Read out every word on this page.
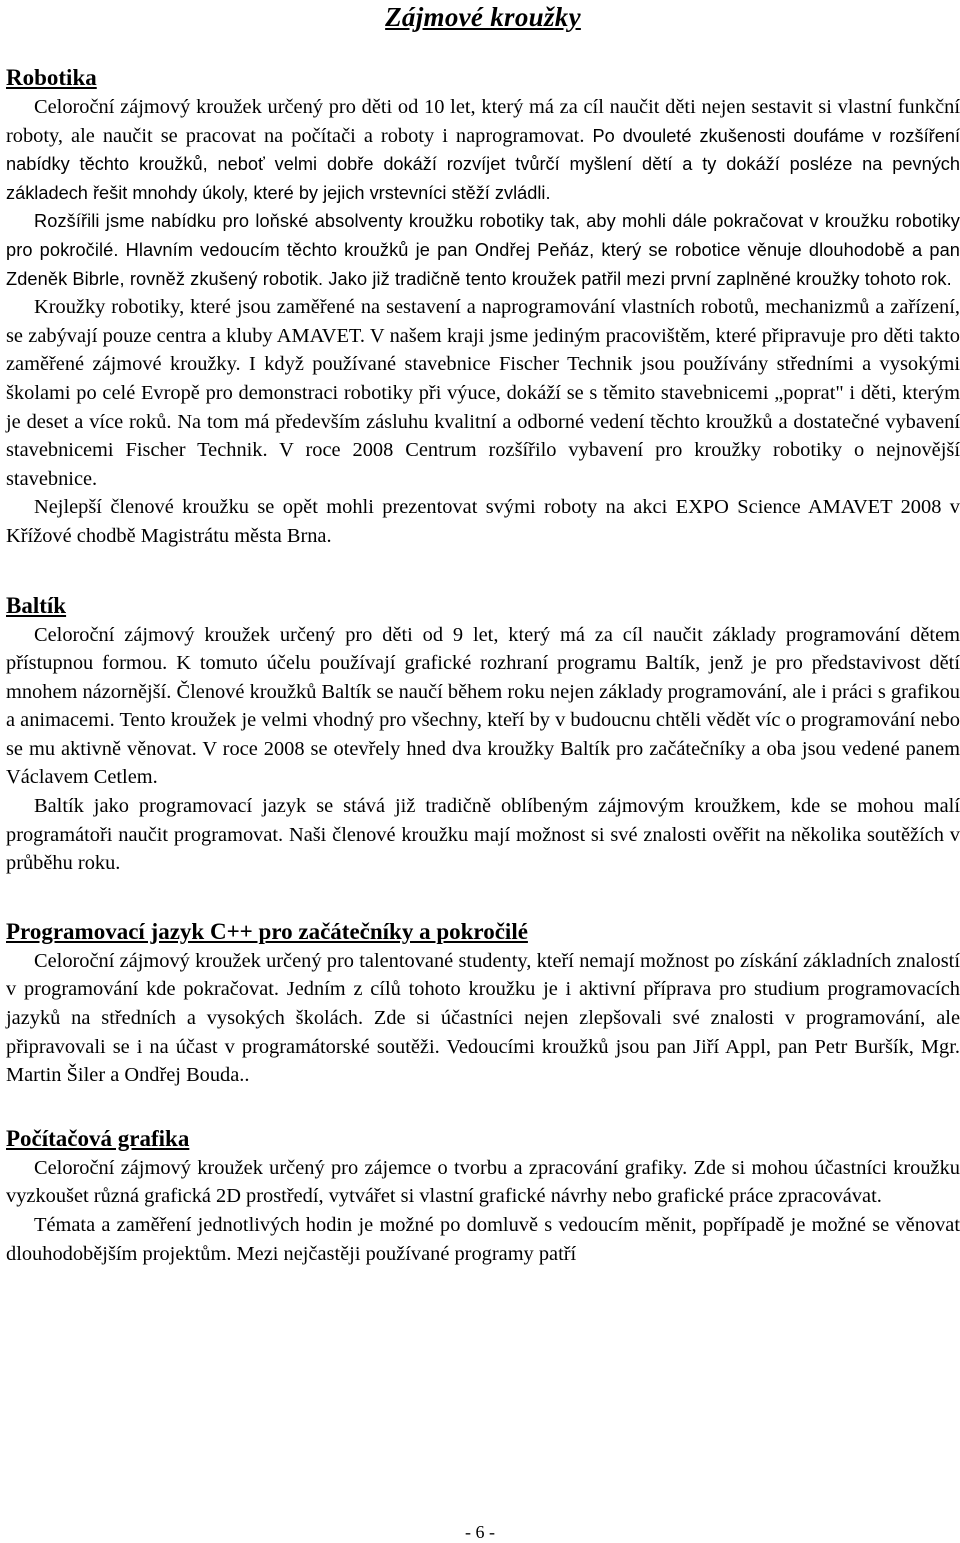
Zájmové kroužky
Robotika

Celoroční zájmový kroužek určený pro děti od 10 let, který má za cíl naučit děti nejen sestavit si vlastní funkční roboty, ale naučit se pracovat na počítači a roboty i naprogramovat. Po dvouleté zkušenosti doufáme v rozšíření nabídky těchto kroužků, neboť velmi dobře dokáží rozvíjet tvůrčí myšlení dětí a ty dokáží posléze na pevných základech řešit mnohdy úkoly, které by jejich vrstevníci stěží zvládli.

Rozšířili jsme nabídku pro loňské absolventy kroužku robotiky tak, aby mohli dále pokračovat v kroužku robotiky pro pokročilé. Hlavním vedoucím těchto kroužků je pan Ondřej Peňáz, který se robotice věnuje dlouhodobě a pan Zdeněk Bibrle, rovněž zkušený robotik. Jako již tradičně tento kroužek patřil mezi první zaplněné kroužky tohoto rok.

Kroužky robotiky, které jsou zaměřené na sestavení a naprogramování vlastních robotů, mechanizmů a zařízení, se zabývají pouze centra a kluby AMAVET. V našem kraji jsme jediným pracovištěm, které připravuje pro děti takto zaměřené zájmové kroužky. I když používané stavebnice Fischer Technik jsou používány středními a vysokými školami po celé Evropě pro demonstraci robotiky při výuce, dokáží se s těmito stavebnicemi „poprat" i děti, kterým je deset a více roků. Na tom má především zásluhu kvalitní a odborné vedení těchto kroužků a dostatečné vybavení stavebnicemi Fischer Technik. V roce 2008 Centrum rozšířilo vybavení pro kroužky robotiky o nejnovější stavebnice.

Nejlepší členové kroužku se opět mohli prezentovat svými roboty na akci EXPO Science AMAVET 2008 v Křížové chodbě Magistrátu města Brna.

Baltík

Celoroční zájmový kroužek určený pro děti od 9 let, který má za cíl naučit základy programování dětem přístupnou formou. K tomuto účelu používají grafické rozhraní programu Baltík, jenž je pro představivost dětí mnohem názornější. Členové kroužků Baltík se naučí během roku nejen základy programování, ale i práci s grafikou a animacemi. Tento kroužek je velmi vhodný pro všechny, kteří by v budoucnu chtěli vědět víc o programování nebo se mu aktivně věnovat. V roce 2008 se otevřely hned dva kroužky Baltík pro začátečníky a oba jsou vedené panem Václavem Cetlem.

Baltík jako programovací jazyk se stává již tradičně oblíbeným zájmovým kroužkem, kde se mohou malí programátoři naučit programovat. Naši členové kroužku mají možnost si své znalosti ověřit na několika soutěžích v průběhu roku.

Programovací jazyk C++ pro začátečníky a pokročilé

Celoroční zájmový kroužek určený pro talentované studenty, kteří nemají možnost po získání základních znalostí v programování kde pokračovat. Jedním z cílů tohoto kroužku je i aktivní příprava pro studium programovacích jazyků na středních a vysokých školách. Zde si účastníci nejen zlepšovali své znalosti v programování, ale připravovali se i na účast v programátorské soutěži. Vedoucími kroužků jsou pan Jiří Appl, pan Petr Buršík, Mgr. Martin Šiler a Ondřej Bouda..

Počítačová grafika

Celoroční zájmový kroužek určený pro zájemce o tvorbu a zpracování grafiky. Zde si mohou účastníci kroužku vyzkoušet různá grafická 2D prostředí, vytvářet si vlastní grafické návrhy nebo grafické práce zpracovávat.

Témata a zaměření jednotlivých hodin je možné po domluvě s vedoucím měnit, popřípadě je možné se věnovat dlouhodobějším projektům. Mezi nejčastěji používané programy patří

- 6 -
